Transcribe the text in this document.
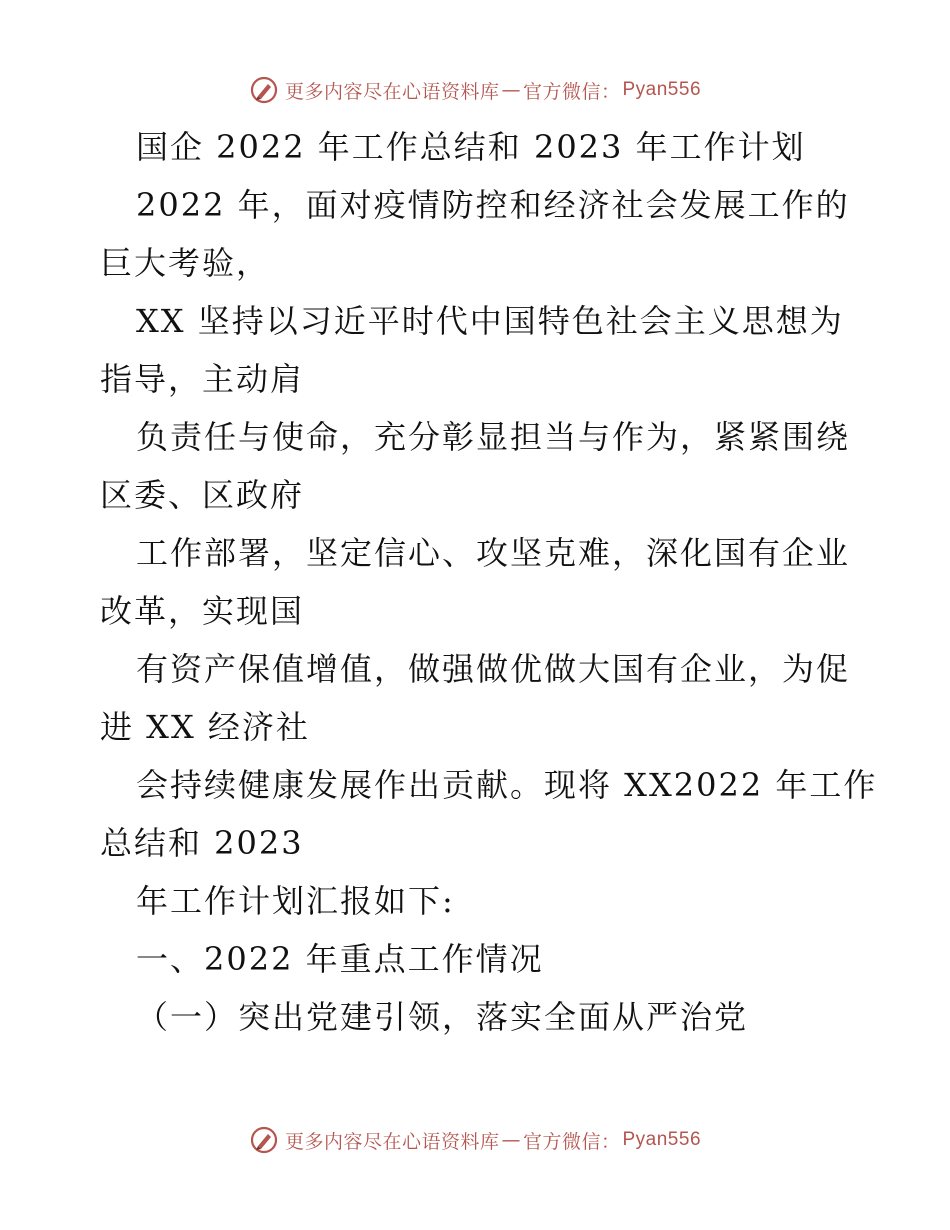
更多内容尽在心语资料库 — 官方微信： Pyan556
国企 2022 年工作总结和 2023 年工作计划
2022 年，面对疫情防控和经济社会发展工作的
巨大考验，
XX 坚持以习近平时代中国特色社会主义思想为
指导，主动肩
负责任与使命，充分彰显担当与作为，紧紧围绕
区委、区政府
工作部署，坚定信心、攻坚克难，深化国有企业
改革，实现国
有资产保值增值，做强做优做大国有企业，为促
进 XX 经济社
会持续健康发展作出贡献。现将 XX2022 年工作
总结和 2023
年工作计划汇报如下:
一、2022 年重点工作情况
（一）突出党建引领，落实全面从严治党
更多内容尽在心语资料库 — 官方微信： Pyan556
